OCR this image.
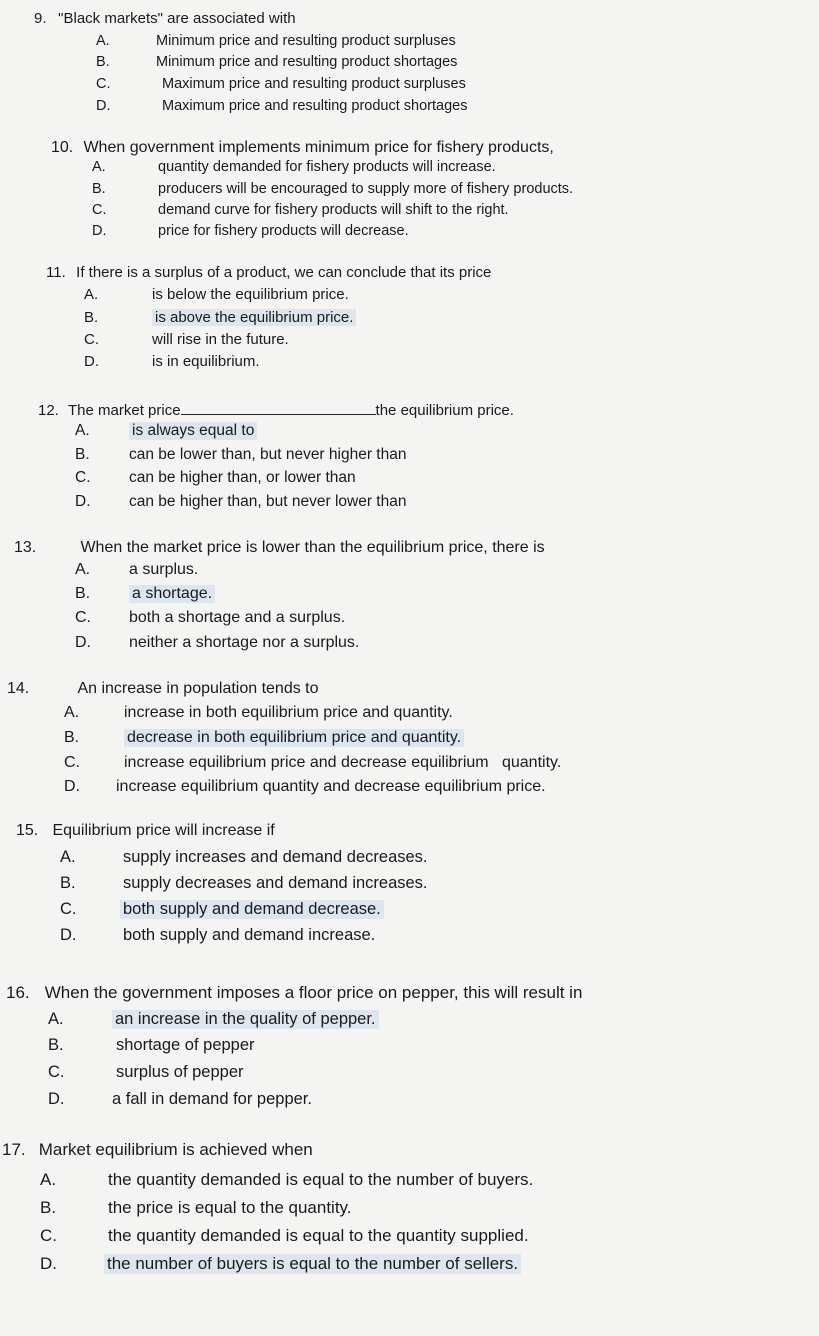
9. "Black markets" are associated with
A.	Minimum price and resulting product surpluses
B.	Minimum price and resulting product shortages
C.	Maximum price and resulting product surpluses
D.	Maximum price and resulting product shortages
10. When government implements minimum price for fishery products,
A.	quantity demanded for fishery products will increase.
B.	producers will be encouraged to supply more of fishery products.
C.	demand curve for fishery products will shift to the right.
D.	price for fishery products will decrease.
11. If there is a surplus of a product, we can conclude that its price
A.	is below the equilibrium price.
B.	is above the equilibrium price.
C.	will rise in the future.
D.	is in equilibrium.
12. The market price	the equilibrium price.
A.	is always equal to
B.	can be lower than, but never higher than
C. can be higher than, or lower than
D. can be higher than, but never lower than
13.	When the market price is lower than the equilibrium price, there is
A. a surplus.
B.	a shortage.
C. both a shortage and a surplus.
D. neither a shortage nor a surplus.
14.	An increase in population tends to
A.	increase in both equilibrium price and quantity.
B.	decrease in both equilibrium price and quantity.
C.	increase equilibrium price and decrease equilibrium   quantity.
D. increase equilibrium quantity and decrease equilibrium price.
15. Equilibrium price will increase if
A.	supply increases and demand decreases.
B.	supply decreases and demand increases.
C.	both supply and demand decrease.
D.	both supply and demand increase.
16. When the government imposes a floor price on pepper, this will result in
A.	an increase in the quality of pepper.
B.	shortage of pepper
C.	surplus of pepper
D.	a fall in demand for pepper.
17. Market equilibrium is achieved when
A.	the quantity demanded is equal to the number of buyers.
B.	the price is equal to the quantity.
C.	the quantity demanded is equal to the quantity supplied.
D.	the number of buyers is equal to the number of sellers.
